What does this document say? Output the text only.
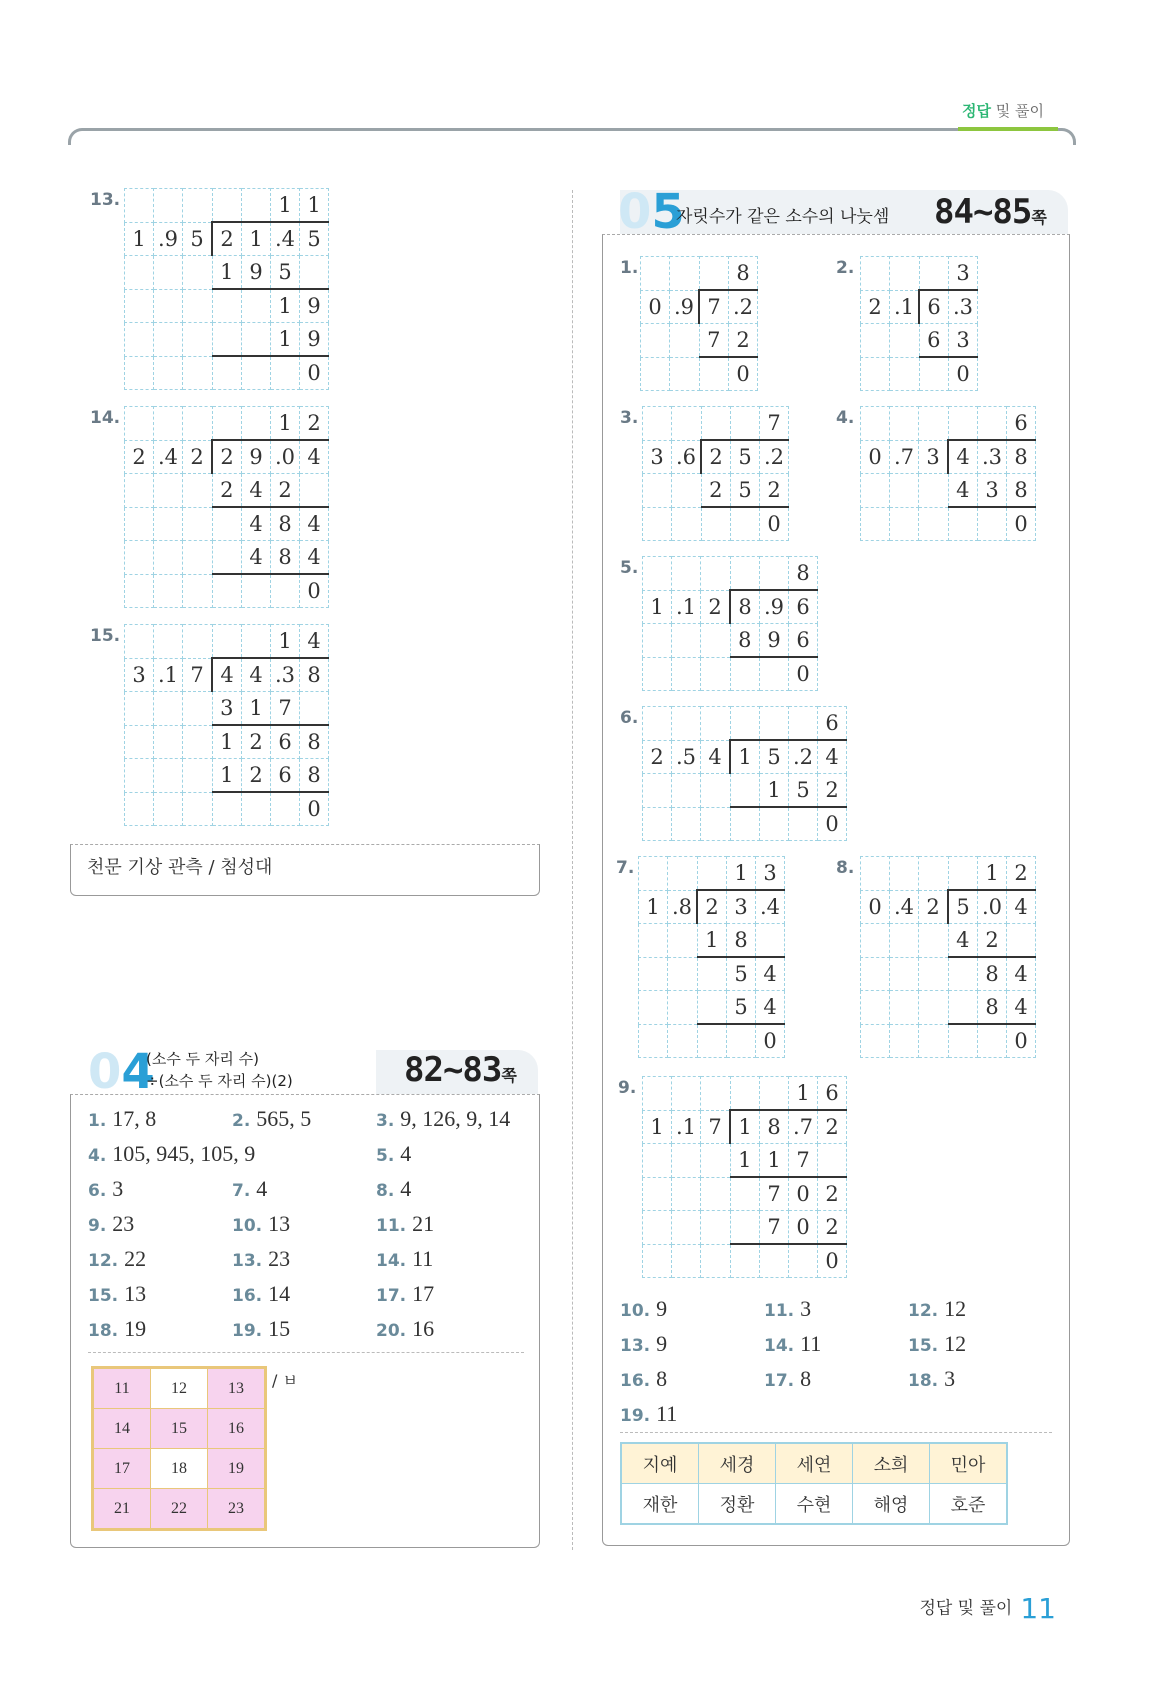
정답 및 풀이
13.
						1	1
1	.9	5	2	1	.4	5
			1	9	5	
					1	9
					1	9
						0
14.
						1	2
2	.4	2	2	9	.0	4
			2	4	2	
				4	8	4
				4	8	4
						0
15.
						1	4
3	.1	7	4	4	.3	8
			3	1	7	
			1	2	6	8
			1	2	6	8
						0
천문 기상 관측 / 첨성대
04
(소수 두 자리 수)
÷(소수 두 자리 수)(2)	82~83쪽
1. 17, 8	2. 565, 5	3. 9, 126, 9, 14
4. 105, 945, 105, 9	5. 4
6. 3	7. 4	8. 4
9. 23	10. 13	11. 21
12. 22	13. 23	14. 11
15. 13	16. 14	17. 17
18. 19	19. 15	20. 16
11	12	13
14	15	16
17	18	19
21	22	23
/ ㅂ
05
자릿수가 같은 소수의 나눗셈 84~85쪽
1.
				8
0	.9	7	.2
		7	2
			0
2.
				3
2	.1	6	.3
		6	3
			0
3.
					7
3	.6	2	5	.2
		2	5	2
				0
4.
						6
0	.7	3	4	.3	8
			4	3	8
					0
5.
						8
1	.1	2	8	.9	6
			8	9	6
					0
6.
							6
2	.5	4	1	5	.2	4
				1	5	2
						0
7.
				1	3
1	.8	2	3	.4
		1	8	
			5	4
			5	4
				0
8.
					1	2
0	.4	2	5	.0	4
			4	2	
				8	4
				8	4
					0
9.
						1	6
1	.1	7	1	8	.7	2
			1	1	7	
				7	0	2
				7	0	2
						0
10. 9	11. 3	12. 12
13. 9	14. 11	15. 12
16. 8	17. 8	18. 3
19. 11
지예	세경	세연	소희	민아
재한	정환	수현	해영	호준
정답 및 풀이 11
